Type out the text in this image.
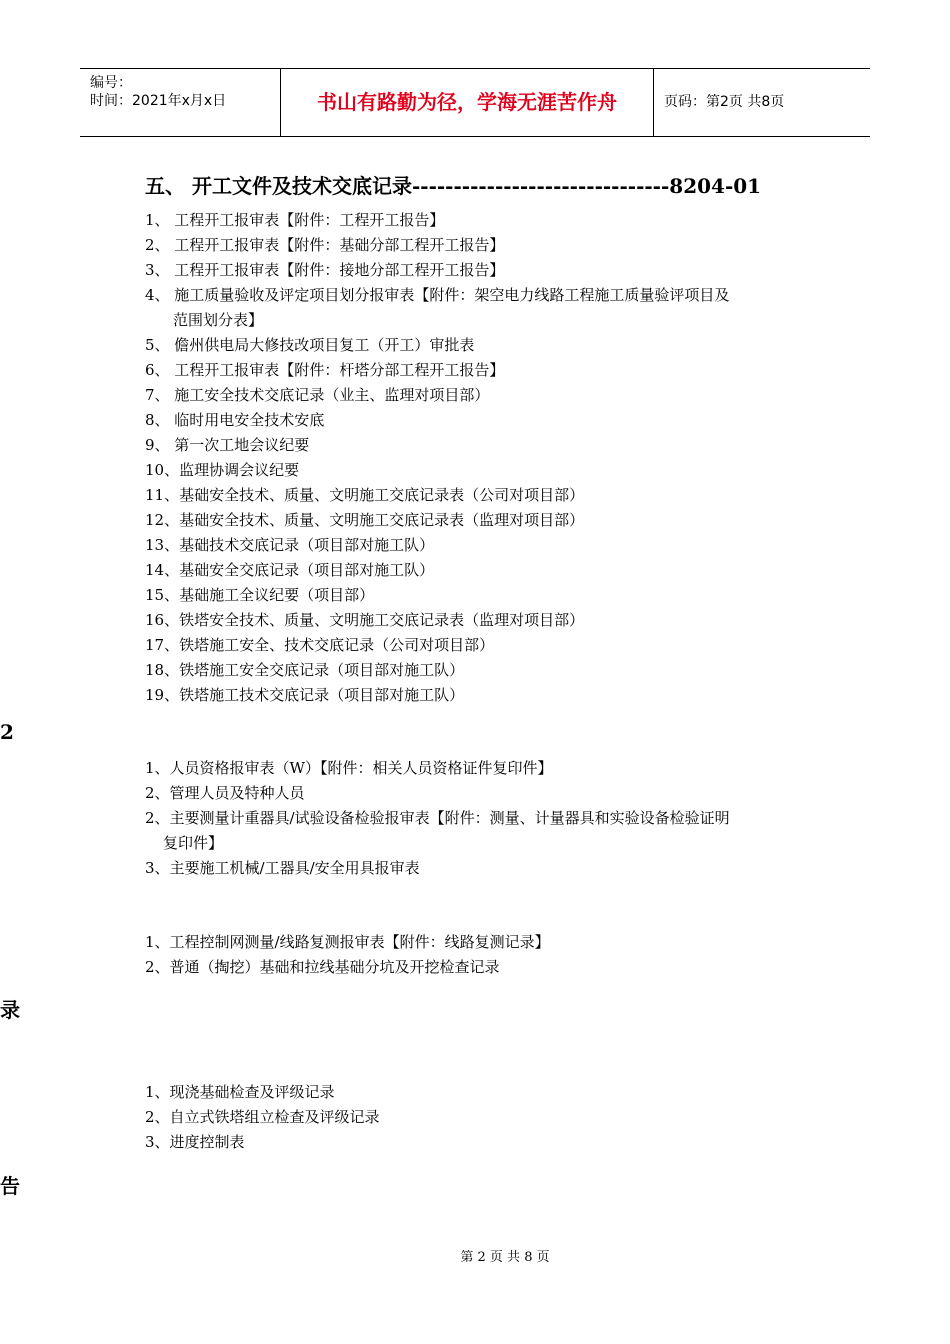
编号：
时间：2021年x月x日	书山有路勤为径，学海无涯苦作舟	页码：第2页 共8页
五、 开工文件及技术交底记录-------------------------------8204-01
1、 工程开工报审表【附件：工程开工报告】
2、 工程开工报审表【附件：基础分部工程开工报告】
3、 工程开工报审表【附件：接地分部工程开工报告】
4、 施工质量验收及评定项目划分报审表【附件：架空电力线路工程施工质量验评项目及
范围划分表】
5、 儋州供电局大修技改项目复工（开工）审批表
6、 工程开工报审表【附件：杆塔分部工程开工报告】
7、 施工安全技术交底记录（业主、监理对项目部）
8、 临时用电安全技术安底
9、 第一次工地会议纪要
10、监理协调会议纪要
11、基础安全技术、质量、文明施工交底记录表（公司对项目部）
12、基础安全技术、质量、文明施工交底记录表（监理对项目部）
13、基础技术交底记录（项目部对施工队）
14、基础安全交底记录（项目部对施工队）
15、基础施工全议纪要（项目部）
16、铁塔安全技术、质量、文明施工交底记录表（监理对项目部）
17、铁塔施工安全、技术交底记录（公司对项目部）
18、铁塔施工安全交底记录（项目部对施工队）
19、铁塔施工技术交底记录（项目部对施工队）
2
1、人员资格报审表（W）【附件：相关人员资格证件复印件】
2、管理人员及特种人员
2、主要测量计重器具/试验设备检验报审表【附件：测量、计量器具和实验设备检验证明
复印件】
3、主要施工机械/工器具/安全用具报审表
1、工程控制网测量/线路复测报审表【附件：线路复测记录】
2、普通（掏挖）基础和拉线基础分坑及开挖检查记录
录
1、现浇基础检查及评级记录
2、自立式铁塔组立检查及评级记录
3、进度控制表
告
第 2 页 共 8 页
